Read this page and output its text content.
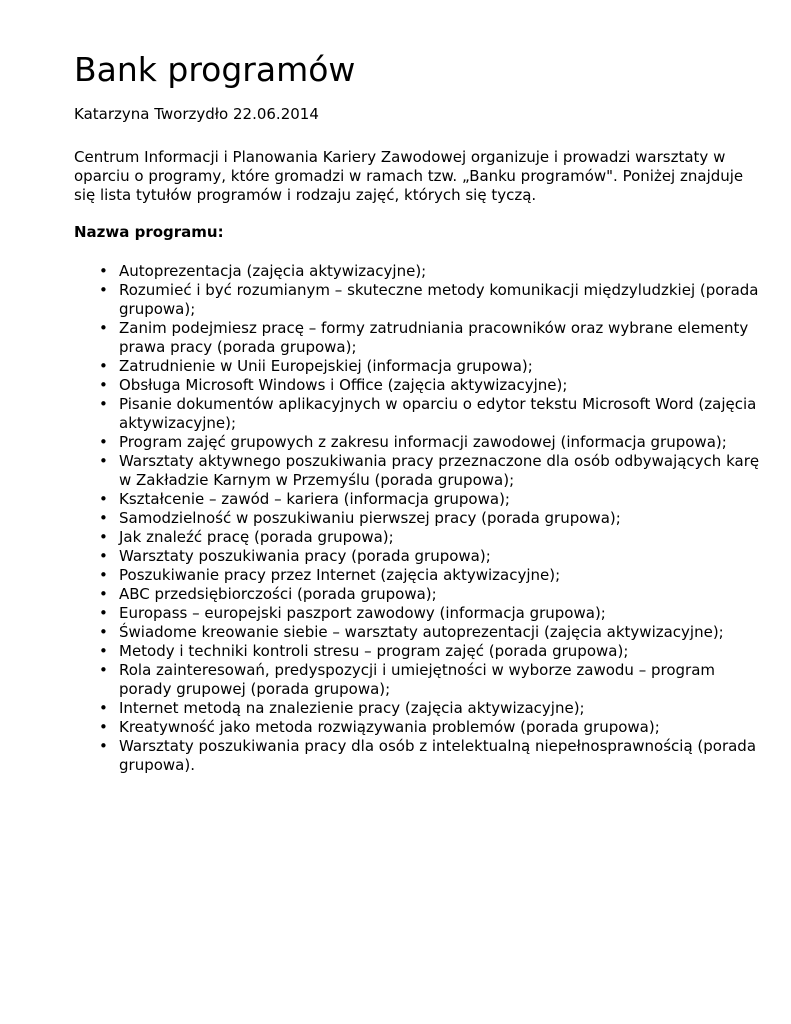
Bank programów

Katarzyna Tworzydło 22.06.2014

Centrum Informacji i Planowania Kariery Zawodowej organizuje i prowadzi warsztaty w oparciu o programy, które gromadzi w ramach tzw. „Banku programów". Poniżej znajduje się lista tytułów programów i rodzaju zajęć, których się tyczą.

Nazwa programu:

• Autoprezentacja (zajęcia aktywizacyjne);
• Rozumieć i być rozumianym – skuteczne metody komunikacji międzyludzkiej (porada grupowa);
• Zanim podejmiesz pracę – formy zatrudniania pracowników oraz wybrane elementy prawa pracy (porada grupowa);
• Zatrudnienie w Unii Europejskiej (informacja grupowa);
• Obsługa Microsoft Windows i Office (zajęcia aktywizacyjne);
• Pisanie dokumentów aplikacyjnych w oparciu o edytor tekstu Microsoft Word (zajęcia aktywizacyjne);
• Program zajęć grupowych z zakresu informacji zawodowej (informacja grupowa);
• Warsztaty aktywnego poszukiwania pracy przeznaczone dla osób odbywających karę w Zakładzie Karnym w Przemyślu (porada grupowa);
• Kształcenie – zawód – kariera (informacja grupowa);
• Samodzielność w poszukiwaniu pierwszej pracy (porada grupowa);
• Jak znaleźć pracę (porada grupowa);
• Warsztaty poszukiwania pracy (porada grupowa);
• Poszukiwanie pracy przez Internet (zajęcia aktywizacyjne);
• ABC przedsiębiorczości (porada grupowa);
• Europass – europejski paszport zawodowy (informacja grupowa);
• Świadome kreowanie siebie – warsztaty autoprezentacji (zajęcia aktywizacyjne);
• Metody i techniki kontroli stresu – program zajęć (porada grupowa);
• Rola zainteresowań, predyspozycji i umiejętności w wyborze zawodu – program porady grupowej (porada grupowa);
• Internet metodą na znalezienie pracy (zajęcia aktywizacyjne);
• Kreatywność jako metoda rozwiązywania problemów (porada grupowa);
• Warsztaty poszukiwania pracy dla osób z intelektualną niepełnosprawnością (porada grupowa).
